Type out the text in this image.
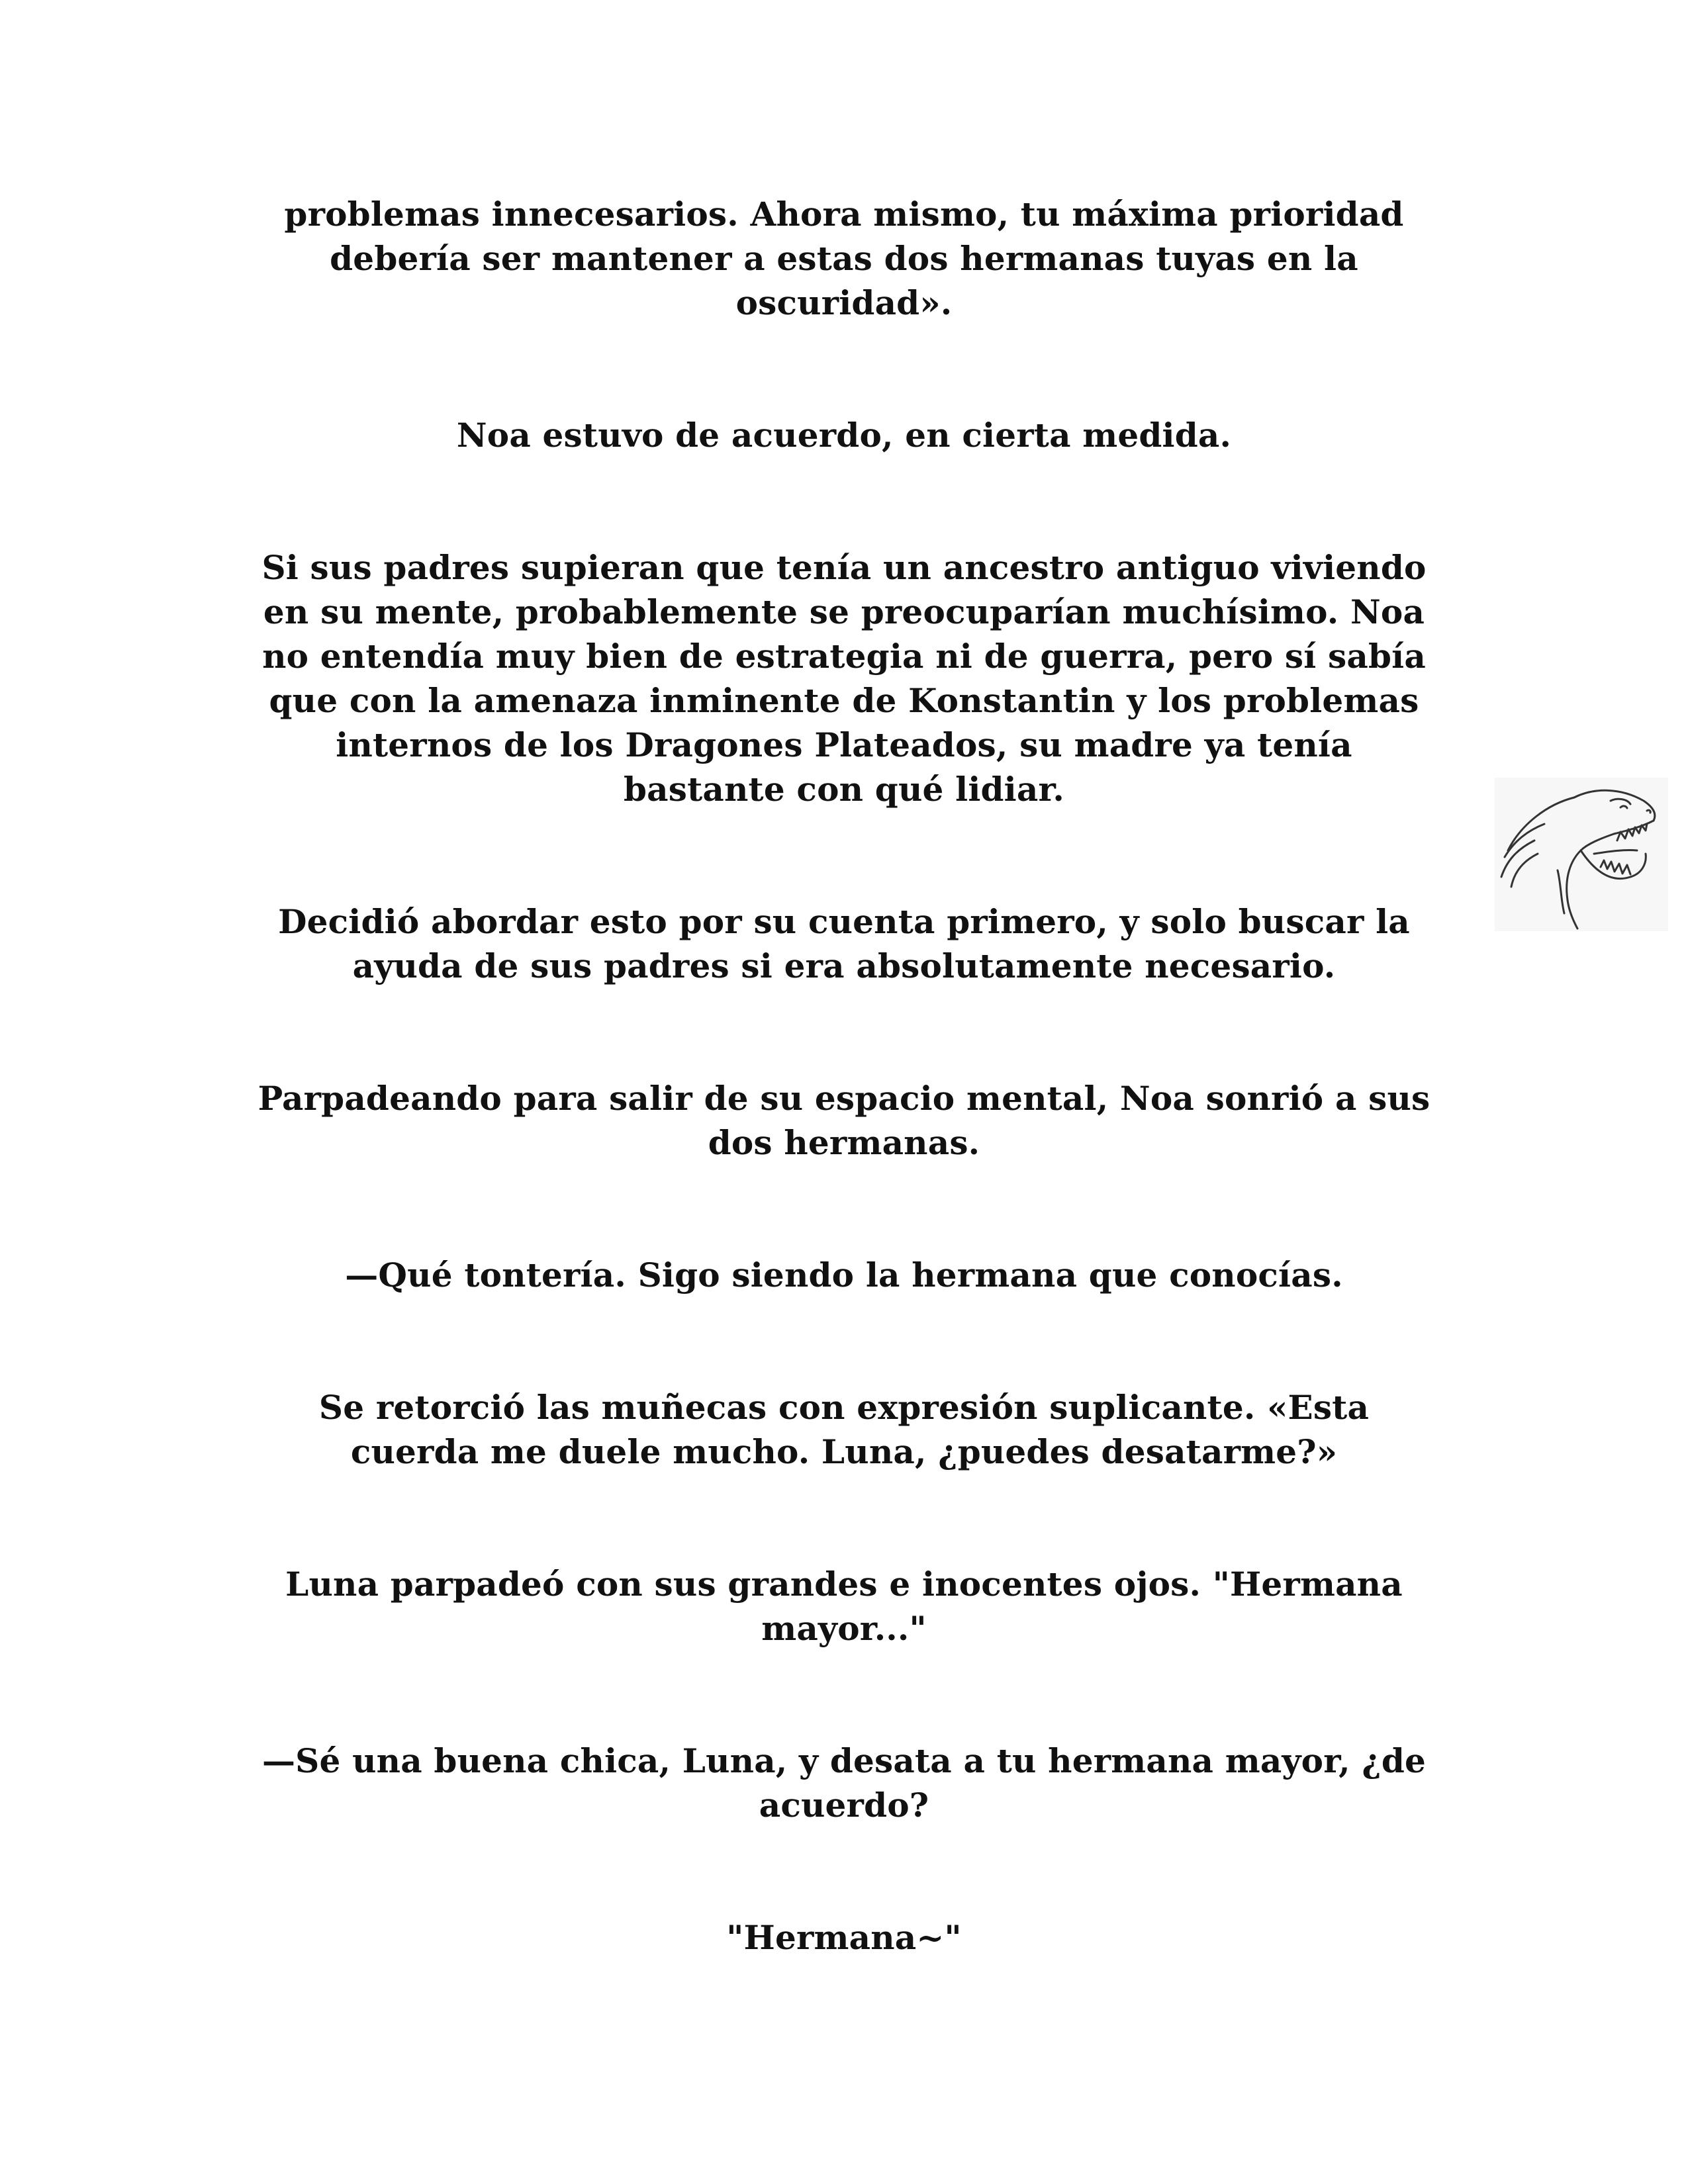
problemas innecesarios. Ahora mismo, tu máxima prioridad
debería ser mantener a estas dos hermanas tuyas en la
oscuridad».

Noa estuvo de acuerdo, en cierta medida.

Si sus padres supieran que tenía un ancestro antiguo viviendo
en su mente, probablemente se preocuparían muchísimo. Noa
no entendía muy bien de estrategia ni de guerra, pero sí sabía
que con la amenaza inminente de Konstantin y los problemas
internos de los Dragones Plateados, su madre ya tenía
bastante con qué lidiar.

Decidió abordar esto por su cuenta primero, y solo buscar la
ayuda de sus padres si era absolutamente necesario.

Parpadeando para salir de su espacio mental, Noa sonrió a sus
dos hermanas.

—Qué tontería. Sigo siendo la hermana que conocías.

Se retorció las muñecas con expresión suplicante. «Esta
cuerda me duele mucho. Luna, ¿puedes desatarme?»

Luna parpadeó con sus grandes e inocentes ojos. "Hermana
mayor..."

—Sé una buena chica, Luna, y desata a tu hermana mayor, ¿de
acuerdo?

"Hermana~"
